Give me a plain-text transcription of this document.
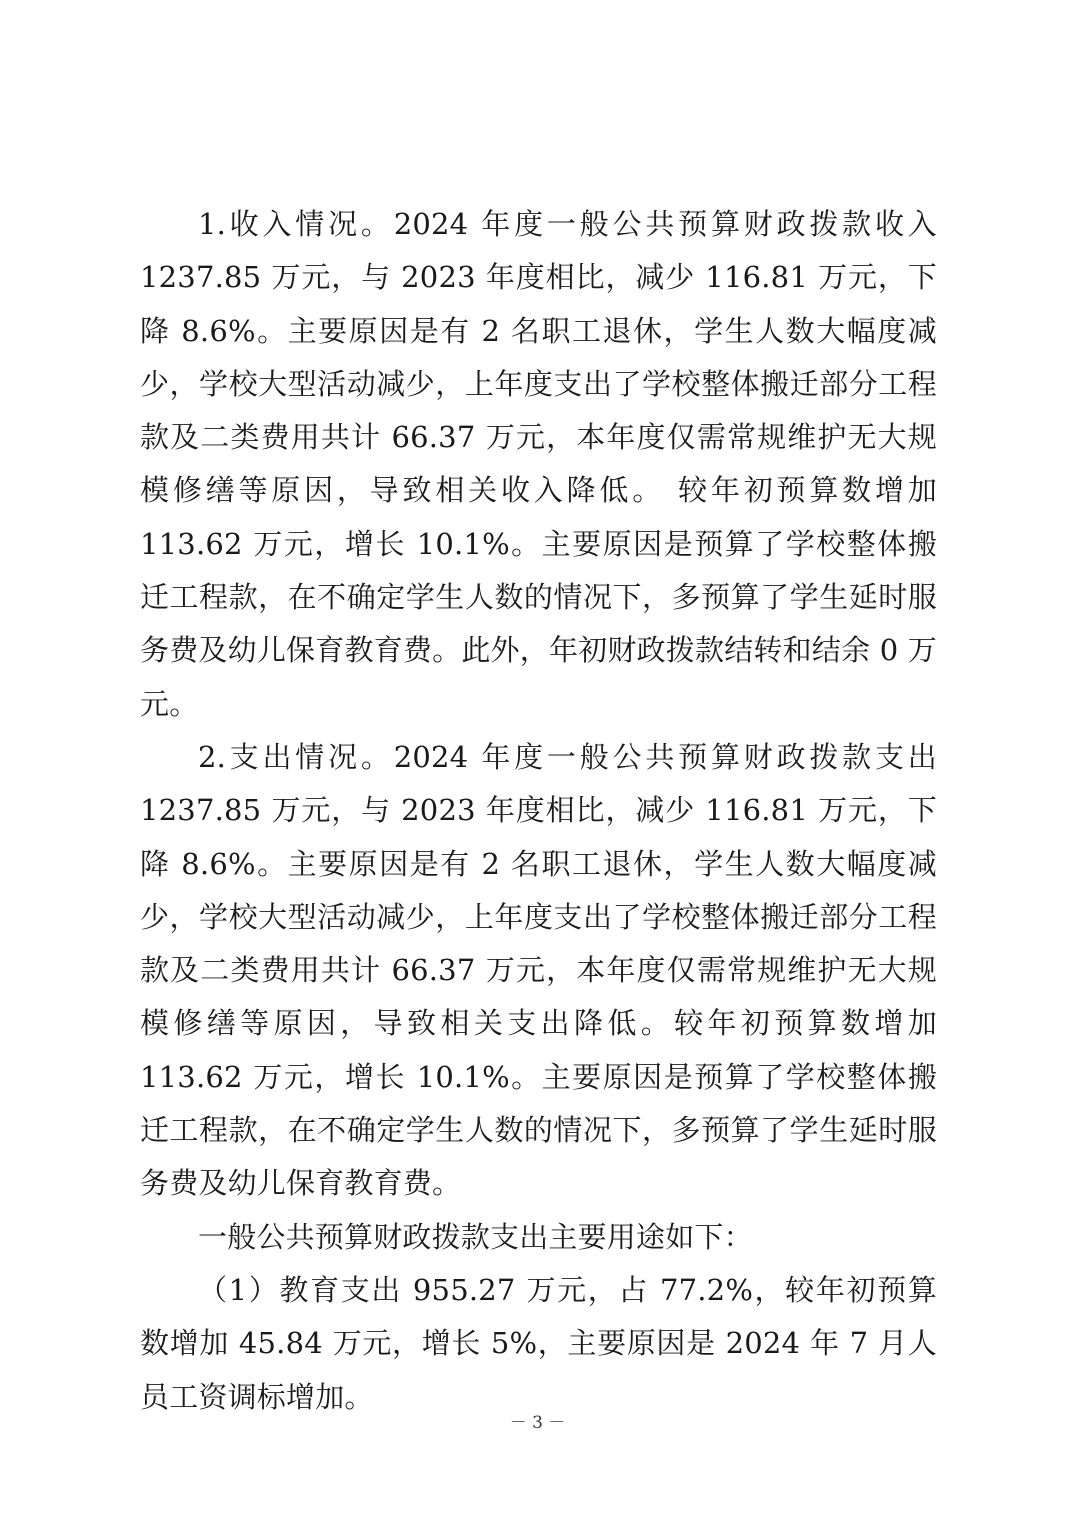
1.收入情况。2024 年度一般公共预算财政拨款收入 1237.85 万元，与 2023 年度相比，减少 116.81 万元，下降 8.6%。主要原因是有 2 名职工退休，学生人数大幅度减少，学校大型活动减少，上年度支出了学校整体搬迁部分工程款及二类费用共计 66.37 万元，本年度仅需常规维护无大规模修缮等原因，导致相关收入降低。 较年初预算数增加 113.62 万元，增长 10.1%。主要原因是预算了学校整体搬迁工程款，在不确定学生人数的情况下，多预算了学生延时服务费及幼儿保育教育费。此外，年初财政拨款结转和结余 0 万元。

2.支出情况。2024 年度一般公共预算财政拨款支出 1237.85 万元，与 2023 年度相比，减少 116.81 万元，下降 8.6%。主要原因是有 2 名职工退休，学生人数大幅度减少，学校大型活动减少，上年度支出了学校整体搬迁部分工程款及二类费用共计 66.37 万元，本年度仅需常规维护无大规模修缮等原因，导致相关支出降低。较年初预算数增加 113.62 万元，增长 10.1%。主要原因是预算了学校整体搬迁工程款，在不确定学生人数的情况下，多预算了学生延时服务费及幼儿保育教育费。

一般公共预算财政拨款支出主要用途如下：

（1）教育支出 955.27 万元，占 77.2%，较年初预算数增加 45.84 万元，增长 5%，主要原因是 2024 年 7 月人员工资调标增加。

－ 3 －
